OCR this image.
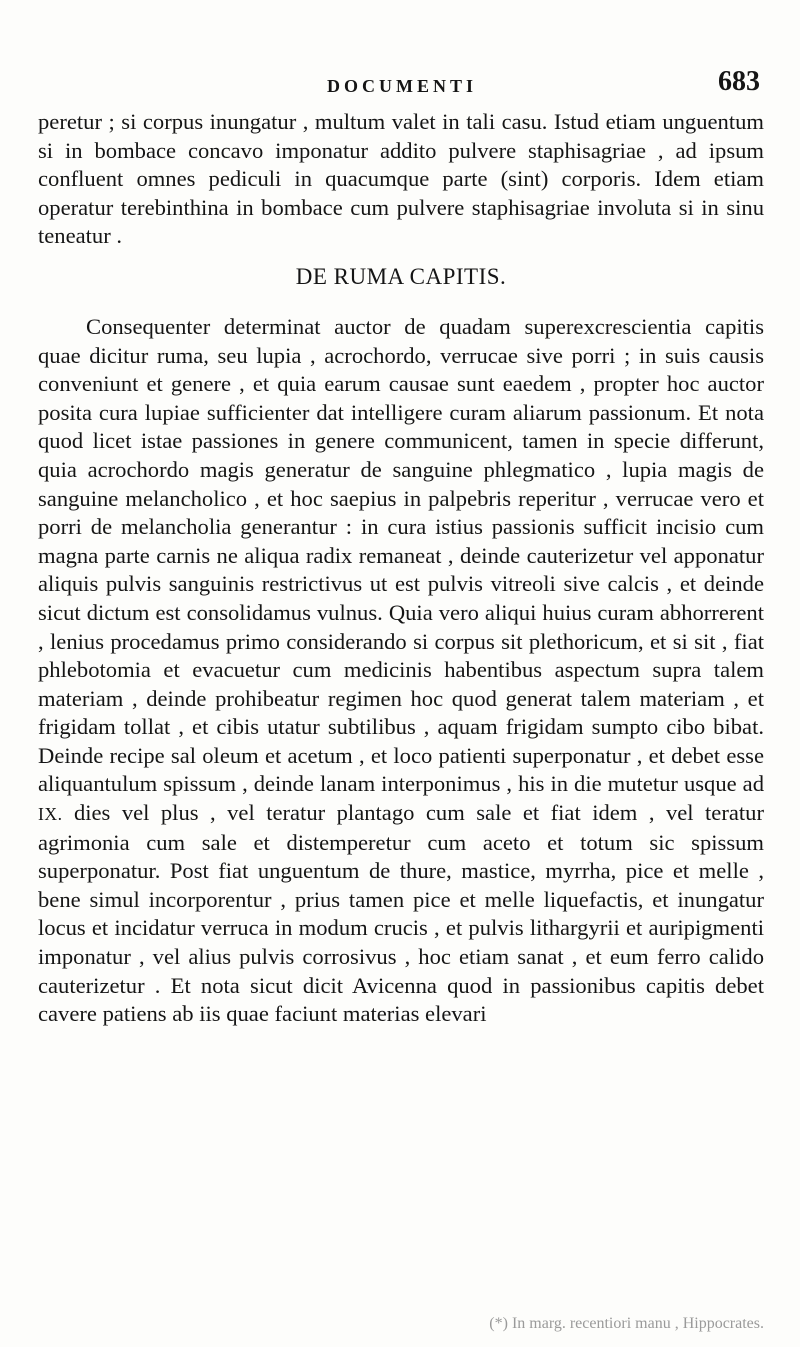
DOCUMENTI	683

peretur ; si corpus inungatur , multum valet in tali casu. Istud etiam unguentum si in bombace concavo imponatur addito pulvere staphisagriae , ad ipsum confluent omnes pediculi in quacumque parte (sint) corporis. Idem etiam operatur terebinthina in bombace cum pulvere staphisagriae involuta si in sinu teneatur .

DE RUMA CAPITIS.

Consequenter determinat auctor de quadam superexcrescientia capitis quae dicitur ruma, seu lupia , acrochordo, verrucae sive porri ; in suis causis conveniunt et genere , et quia earum causae sunt eaedem , propter hoc auctor posita cura lupiae sufficienter dat intelligere curam aliarum passionum. Et nota quod licet istae passiones in genere communicent, tamen in specie differunt, quia acrochordo magis generatur de sanguine phlegmatico , lupia magis de sanguine melancholico , et hoc saepius in palpebris reperitur , verrucae vero et porri de melancholia generantur : in cura istius passionis sufficit incisio cum magna parte carnis ne aliqua radix remaneat , deinde cauterizetur vel apponatur aliquis pulvis sanguinis restrictivus ut est pulvis vitreoli sive calcis , et deinde sicut dictum est consolidamus vulnus. Quia vero aliqui huius curam abhorrerent , lenius procedamus primo considerando si corpus sit plethoricum, et si sit , fiat phlebotomia et evacuetur cum medicinis habentibus aspectum supra talem materiam , deinde prohibeatur regimen hoc quod generat talem materiam , et frigidam tollat , et cibis utatur subtilibus , aquam frigidam sumpto cibo bibat. Deinde recipe sal oleum et acetum , et loco patienti superponatur , et debet esse aliquantulum spissum , deinde lanam interponimus , his in die mutetur usque ad IX. dies vel plus , vel teratur plantago cum sale et fiat idem , vel teratur agrimonia cum sale et distemperetur cum aceto et totum sic spissum superponatur. Post fiat unguentum de thure, mastice, myrrha, pice et melle , bene simul incorporentur , prius tamen pice et melle liquefactis, et inungatur locus et incidatur verruca in modum crucis , et pulvis lithargyrii et auripigmenti imponatur , vel alius pulvis corrosivus , hoc etiam sanat , et eum ferro calido cauterizetur . Et nota sicut dicit Avicenna quod in passionibus capitis debet cavere patiens ab iis quae faciunt materias elevari

(*) In marg. recentiori manu , Hippocrates.
